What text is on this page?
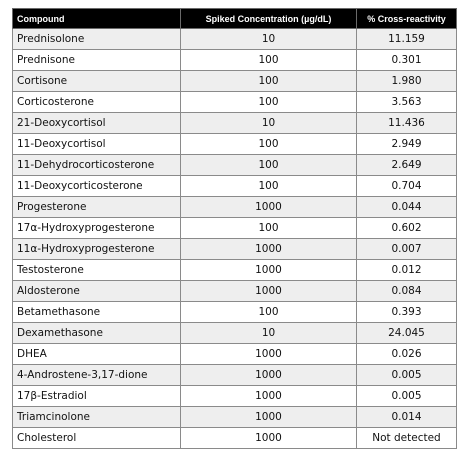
Compound	Spiked Concentration (µg/dL)	% Cross-reactivity
Prednisolone	10	11.159
Prednisone	100	0.301
Cortisone	100	1.980
Corticosterone	100	3.563
21-Deoxycortisol	10	11.436
11-Deoxycortisol	100	2.949
11-Dehydrocorticosterone	100	2.649
11-Deoxycorticosterone	100	0.704
Progesterone	1000	0.044
17α-Hydroxyprogesterone	100	0.602
11α-Hydroxyprogesterone	1000	0.007
Testosterone	1000	0.012
Aldosterone	1000	0.084
Betamethasone	100	0.393
Dexamethasone	10	24.045
DHEA	1000	0.026
4-Androstene-3,17-dione	1000	0.005
17β-Estradiol	1000	0.005
Triamcinolone	1000	0.014
Cholesterol	1000	Not detected
